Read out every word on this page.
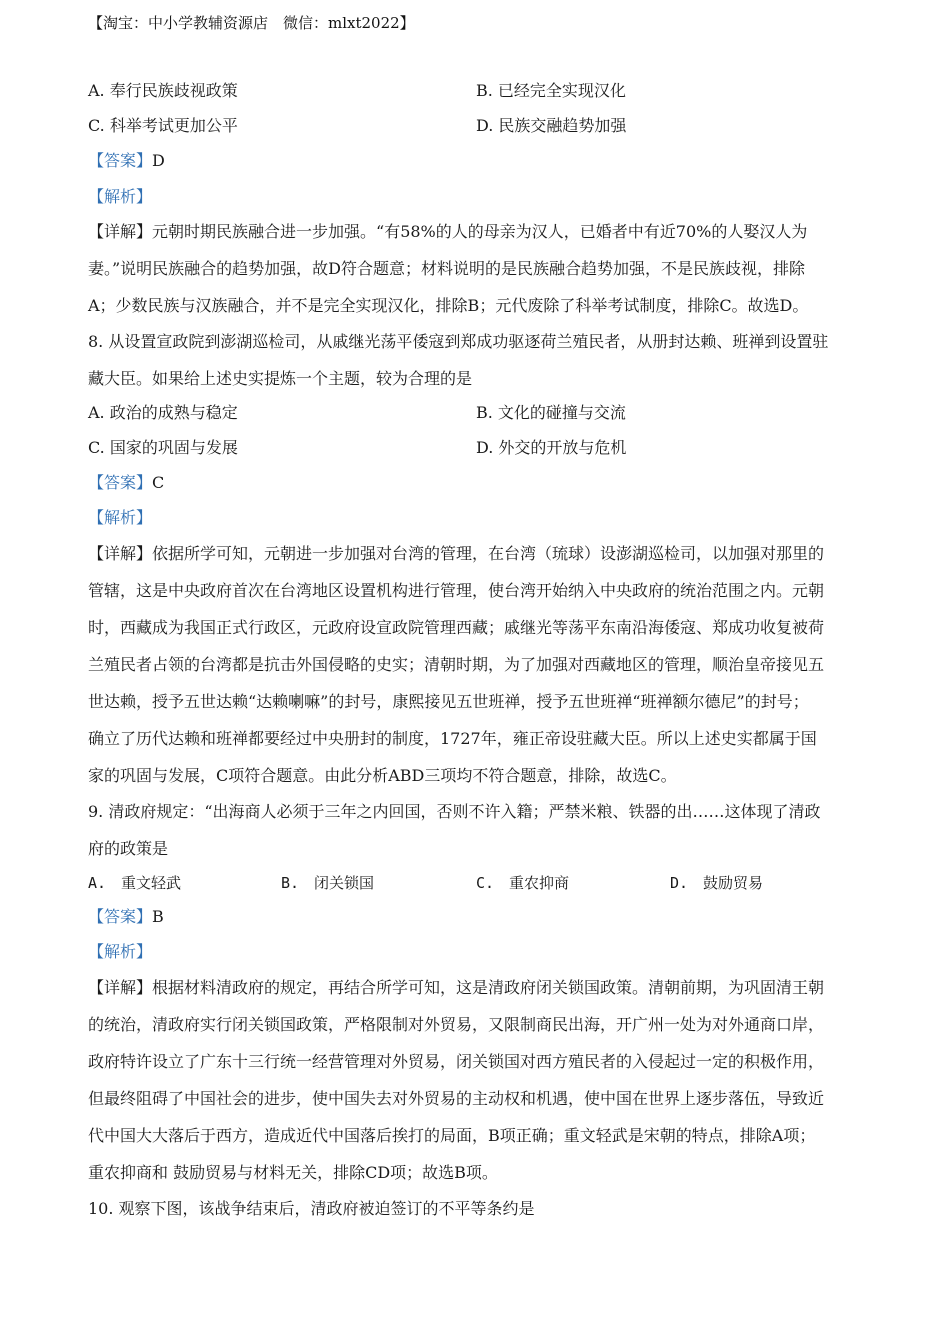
【淘宝：中小学教辅资源店　微信：mlxt2022】
A. 奉行民族歧视政策	B. 已经完全实现汉化
C. 科举考试更加公平	D. 民族交融趋势加强
【答案】D
【解析】
【详解】元朝时期民族融合进一步加强。“有58%的人的母亲为汉人，已婚者中有近70%的人娶汉人为
妻。”说明民族融合的趋势加强，故D符合题意；材料说明的是民族融合趋势加强，不是民族歧视，排除
A；少数民族与汉族融合，并不是完全实现汉化，排除B；元代废除了科举考试制度，排除C。故选D。
8. 从设置宣政院到澎湖巡检司，从戚继光荡平倭寇到郑成功驱逐荷兰殖民者，从册封达赖、班禅到设置驻
藏大臣。如果给上述史实提炼一个主题，较为合理的是
A. 政治的成熟与稳定	B. 文化的碰撞与交流
C. 国家的巩固与发展	D. 外交的开放与危机
【答案】C
【解析】
【详解】依据所学可知，元朝进一步加强对台湾的管理，在台湾（琉球）设澎湖巡检司，以加强对那里的
管辖，这是中央政府首次在台湾地区设置机构进行管理，使台湾开始纳入中央政府的统治范围之内。元朝
时，西藏成为我国正式行政区，元政府设宣政院管理西藏；戚继光等荡平东南沿海倭寇、郑成功收复被荷
兰殖民者占领的台湾都是抗击外国侵略的史实；清朝时期，为了加强对西藏地区的管理，顺治皇帝接见五
世达赖，授予五世达赖“达赖喇嘛”的封号，康熙接见五世班禅，授予五世班禅“班禅额尔德尼”的封号；
确立了历代达赖和班禅都要经过中央册封的制度，1727年，雍正帝设驻藏大臣。所以上述史实都属于国
家的巩固与发展，C项符合题意。由此分析ABD三项均不符合题意，排除，故选C。
9. 清政府规定：“出海商人必须于三年之内回国，否则不许入籍；严禁米粮、铁器的出……这体现了清政
府的政策是
A.　重文轻武	B.　闭关锁国	C.　重农抑商	D.　鼓励贸易
【答案】B
【解析】
【详解】根据材料清政府的规定，再结合所学可知，这是清政府闭关锁国政策。清朝前期，为巩固清王朝
的统治，清政府实行闭关锁国政策，严格限制对外贸易，又限制商民出海，开广州一处为对外通商口岸，
政府特许设立了广东十三行统一经营管理对外贸易，闭关锁国对西方殖民者的入侵起过一定的积极作用，
但最终阻碍了中国社会的进步，使中国失去对外贸易的主动权和机遇，使中国在世界上逐步落伍，导致近
代中国大大落后于西方，造成近代中国落后挨打的局面，B项正确；重文轻武是宋朝的特点，排除A项；
重农抑商和 鼓励贸易与材料无关，排除CD项；故选B项。
10. 观察下图，该战争结束后，清政府被迫签订的不平等条约是
